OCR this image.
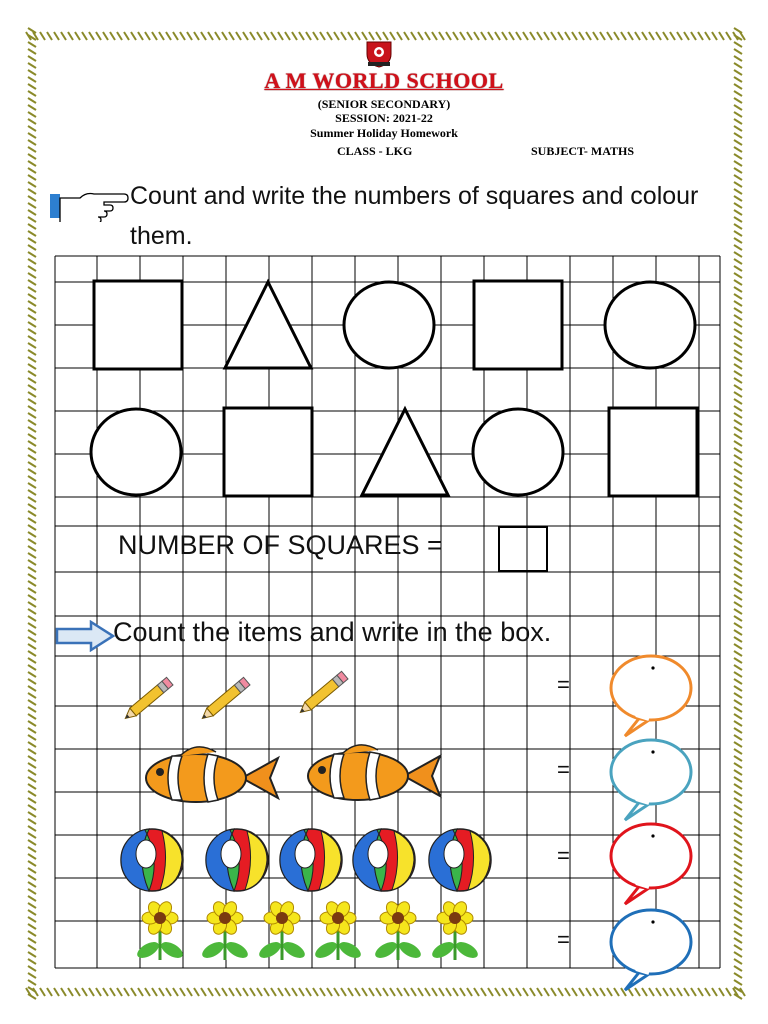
A M WORLD SCHOOL
(SENIOR SECONDARY)
SESSION: 2021-22
Summer Holiday Homework
CLASS - LKG	SUBJECT- MATHS
Count and write the numbers of squares and colour them.
NUMBER OF SQUARES =
Count the items and write in the box.
=
=
=
=
